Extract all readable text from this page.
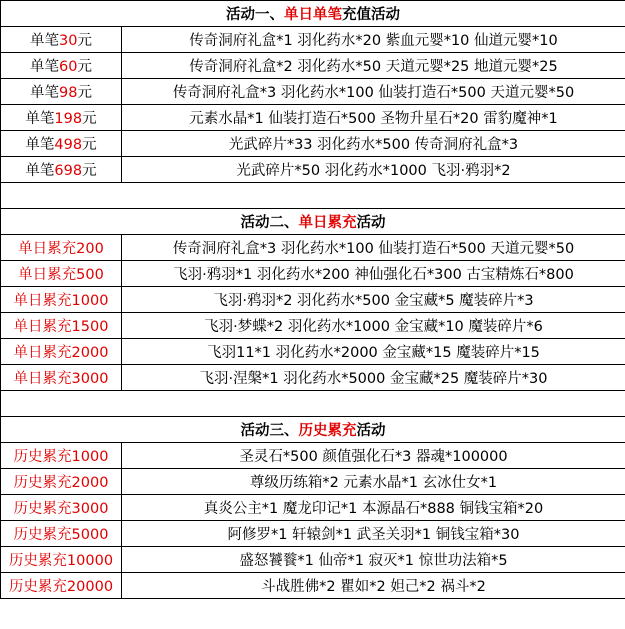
活动一、单日单笔充值活动	
单笔30元	传奇洞府礼盒*1 羽化药水*20 紫血元婴*10 仙道元婴*10
单笔60元	传奇洞府礼盒*2 羽化药水*50 天道元婴*25 地道元婴*25
单笔98元	传奇洞府礼盒*3 羽化药水*100 仙装打造石*500 天道元婴*50
单笔198元	元素水晶*1 仙装打造石*500 圣物升星石*20 雷豹魔神*1
单笔498元	光武碎片*33 羽化药水*500 传奇洞府礼盒*3
单笔698元	光武碎片*50 羽化药水*1000 飞羽·鸦羽*2

活动二、单日累充活动	
单日累充200	传奇洞府礼盒*3 羽化药水*100 仙装打造石*500 天道元婴*50
单日累充500	飞羽·鸦羽*1 羽化药水*200 神仙强化石*300 古宝精炼石*800
单日累充1000	飞羽·鸦羽*2 羽化药水*500 金宝藏*5 魔装碎片*3
单日累充1500	飞羽·梦蝶*2 羽化药水*1000 金宝藏*10 魔装碎片*6
单日累充2000	飞羽11*1 羽化药水*2000 金宝藏*15 魔装碎片*15
单日累充3000	飞羽·涅槃*1 羽化药水*5000 金宝藏*25 魔装碎片*30

活动三、历史累充活动	
历史累充1000	圣灵石*500 颜值强化石*3 器魂*100000
历史累充2000	尊级历练箱*2 元素水晶*1 玄冰仕女*1
历史累充3000	真炎公主*1 魔龙印记*1 本源晶石*888 铜钱宝箱*20
历史累充5000	阿修罗*1 轩辕剑*1 武圣关羽*1 铜钱宝箱*30
历史累充10000	盛怒饕餮*1 仙帝*1 寂灭*1 惊世功法箱*5
历史累充20000	斗战胜佛*2 瞿如*2 妲己*2 祸斗*2
